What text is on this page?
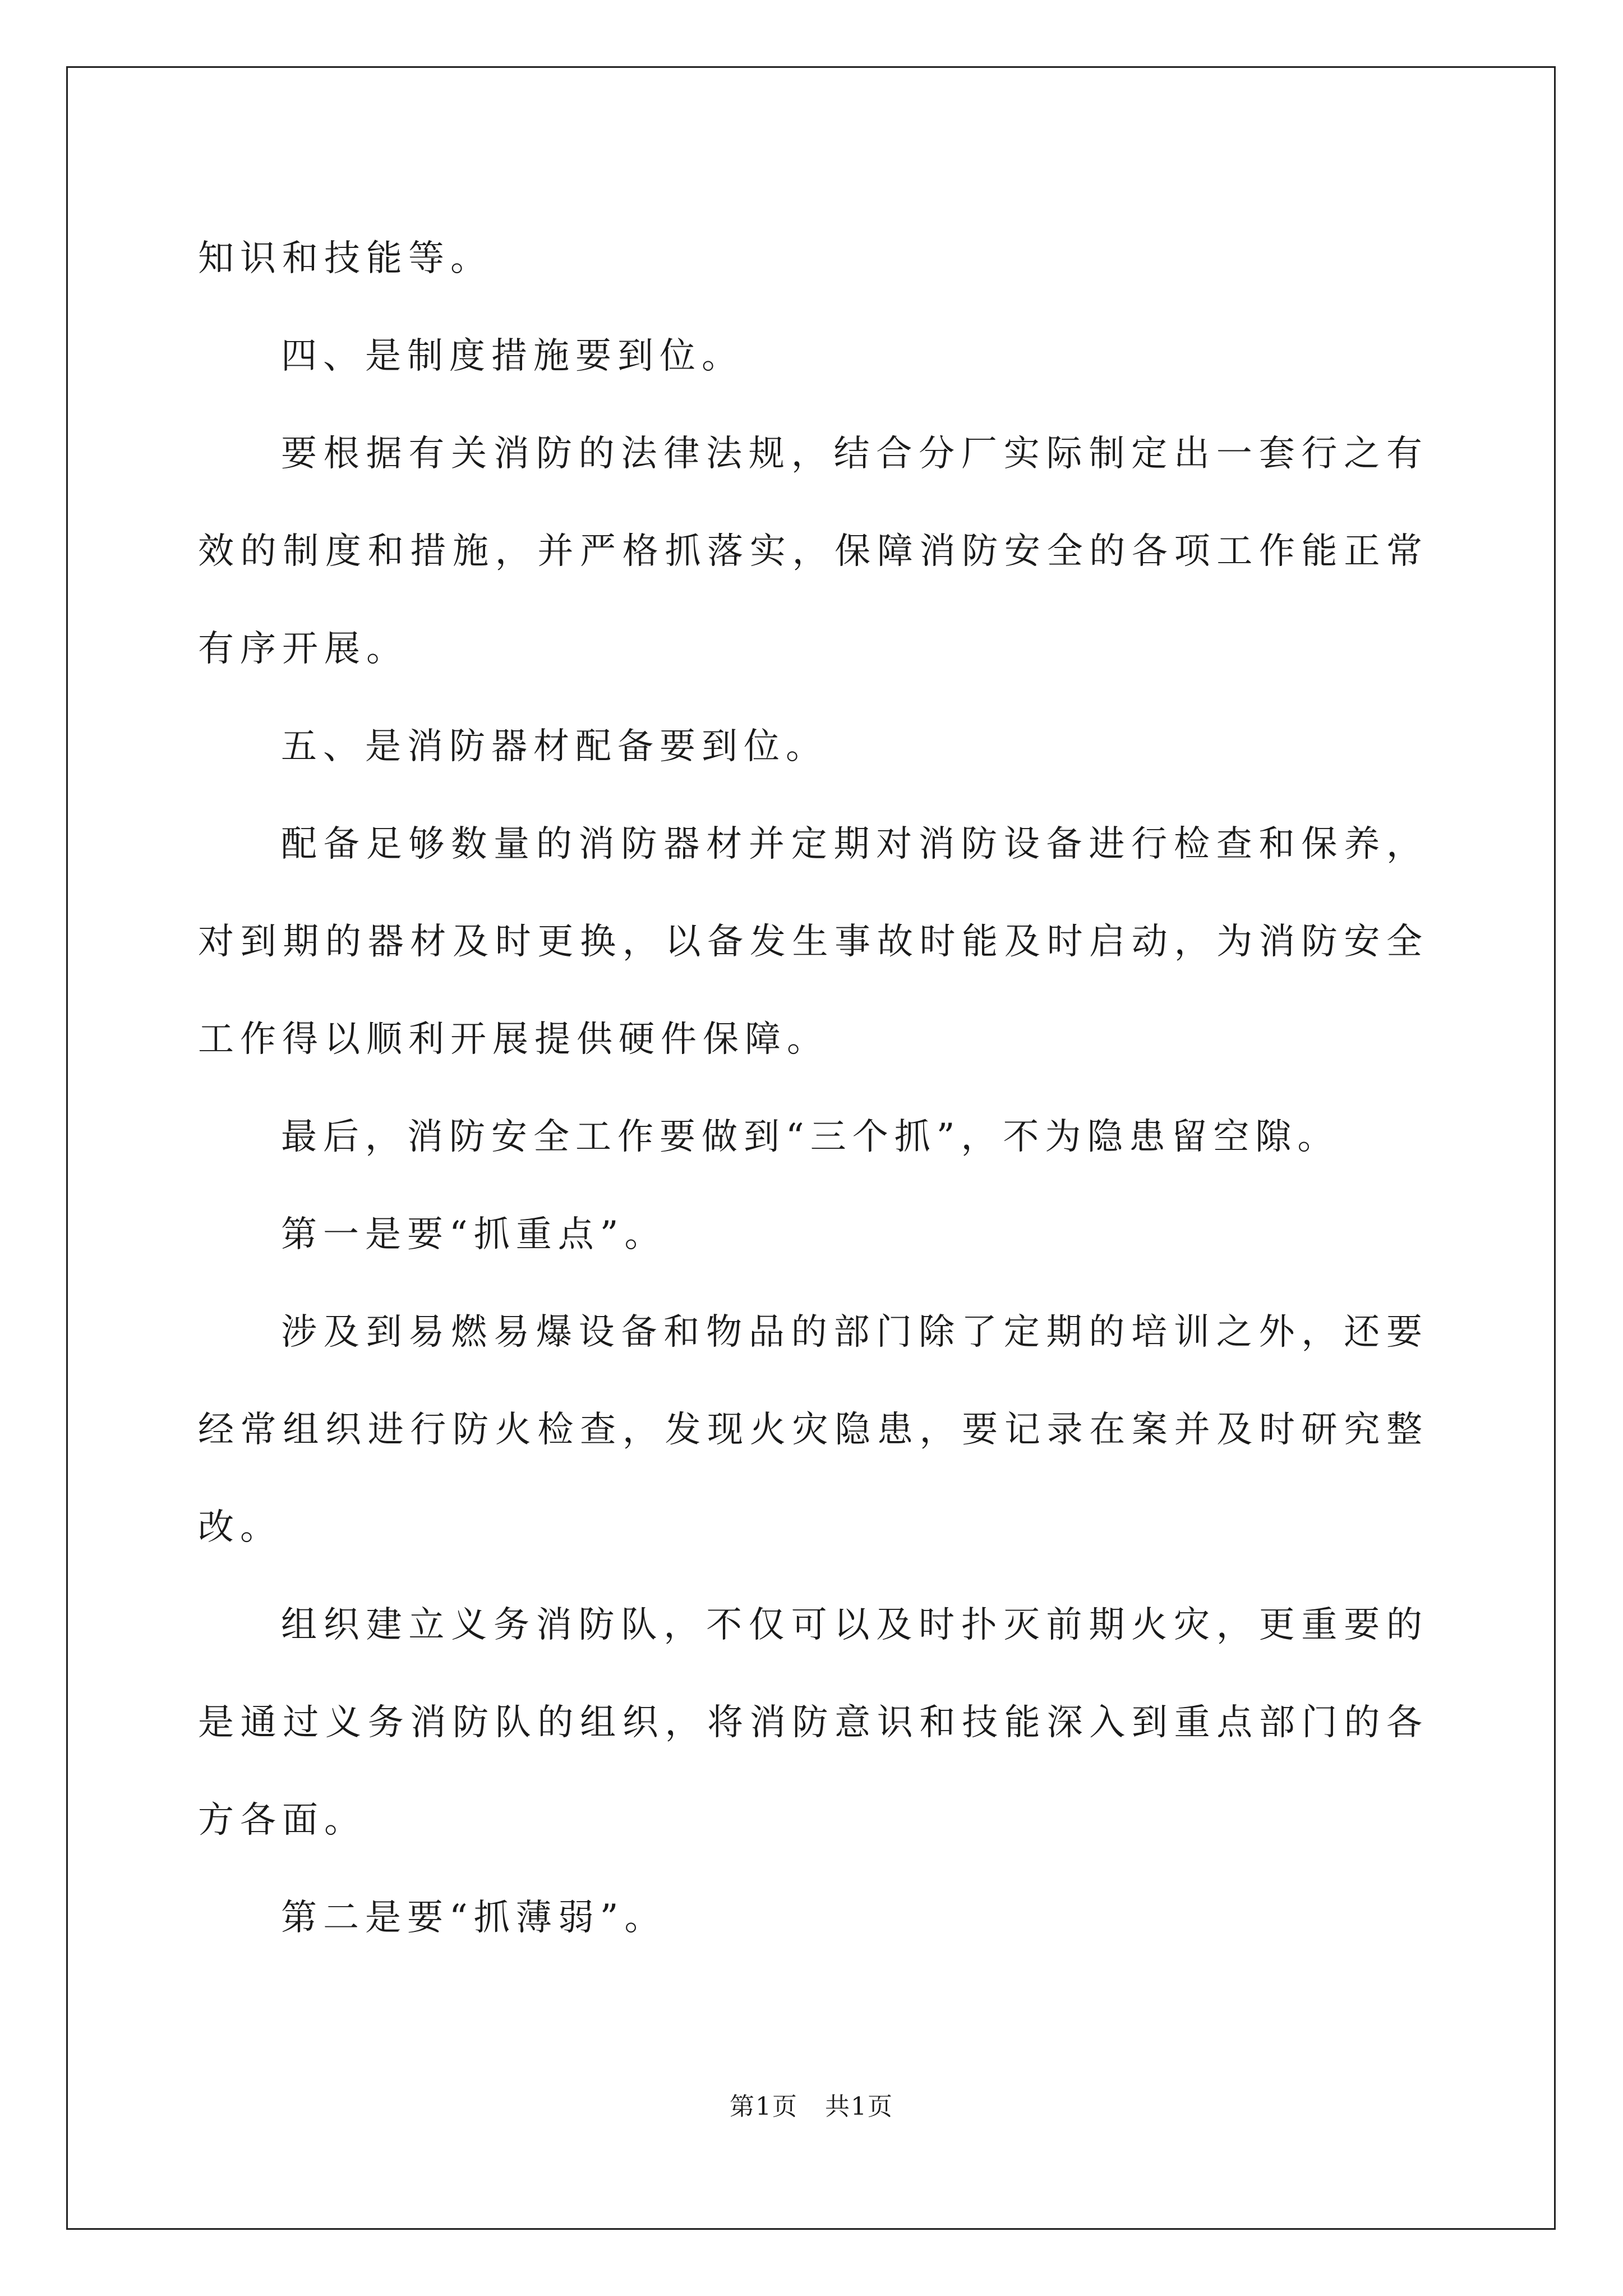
知识和技能等。

四、是制度措施要到位。

要根据有关消防的法律法规，结合分厂实际制定出一套行之有效的制度和措施，并严格抓落实，保障消防安全的各项工作能正常有序开展。

五、是消防器材配备要到位。

配备足够数量的消防器材并定期对消防设备进行检查和保养，对到期的器材及时更换，以备发生事故时能及时启动，为消防安全工作得以顺利开展提供硬件保障。

最后，消防安全工作要做到“三个抓”，不为隐患留空隙。

第一是要“抓重点”。

涉及到易燃易爆设备和物品的部门除了定期的培训之外，还要经常组织进行防火检查，发现火灾隐患，要记录在案并及时研究整改。

组织建立义务消防队，不仅可以及时扑灭前期火灾，更重要的是通过义务消防队的组织，将消防意识和技能深入到重点部门的各方各面。

第二是要“抓薄弱”。

第1页 共1页
